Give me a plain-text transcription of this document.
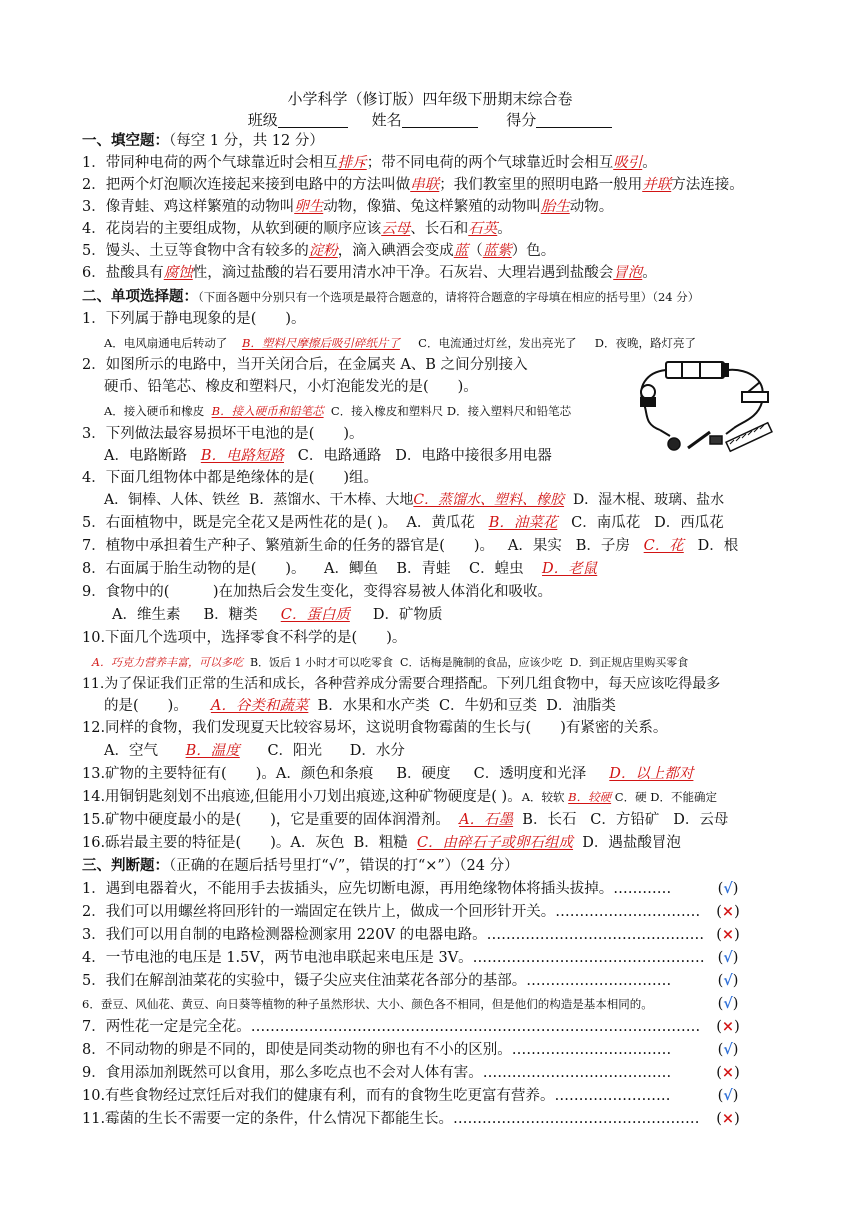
小学科学（修订版）四年级下册期末综合卷
班级	姓名	得分
一、填空题：（每空 1 分，共 12 分）
1．带同种电荷的两个气球靠近时会相互排斥；带不同电荷的两个气球靠近时会相互吸引。
2．把两个灯泡顺次连接起来接到电路中的方法叫做串联；我们教室里的照明电路一般用并联方法连接。
3．像青蛙、鸡这样繁殖的动物叫卵生动物，像猫、兔这样繁殖的动物叫胎生动物。
4．花岗岩的主要组成物，从软到硬的顺序应该云母、长石和石英。
5．馒头、土豆等食物中含有较多的淀粉，滴入碘酒会变成蓝（蓝紫）色。
6．盐酸具有腐蚀性，滴过盐酸的岩石要用清水冲干净。石灰岩、大理岩遇到盐酸会冒泡。
二、单项选择题：（下面各题中分别只有一个选项是最符合题意的，请将符合题意的字母填在相应的括号里）（24 分）
1．下列属于静电现象的是(　　)。
A．电风扇通电后转动了 B．塑料尺摩擦后吸引碎纸片了 C．电流通过灯丝，发出亮光了 D．夜晚，路灯亮了
2．如图所示的电路中，当开关闭合后，在金属夹 A、B 之间分别接入
硬币、铅笔芯、橡皮和塑料尺，小灯泡能发光的是(　　)。
A．接入硬币和橡皮 B．接入硬币和铅笔芯 C．接入橡皮和塑料尺 D．接入塑料尺和铅笔芯
3．下列做法最容易损坏干电池的是(　　)。
A．电路断路 B．电路短路 C．电路通路 D．电路中接很多用电器
4．下面几组物体中都是绝缘体的是(　　)组。
A．铜棒、人体、铁丝 B．蒸馏水、干木棒、大地C．蒸馏水、塑料、橡胶 D．湿木棍、玻璃、盐水
5．右面植物中，既是完全花又是两性花的是( )。 A．黄瓜花 B．油菜花 C．南瓜花 D．西瓜花
7．植物中承担着生产种子、繁殖新生命的任务的器官是(　　)。 A．果实 B．子房 C．花 D．根
8．右面属于胎生动物的是(　　)。 A．鲫鱼 B．青蛙 C．蝗虫 D．老鼠
9．食物中的(　　　)在加热后会发生变化，变得容易被人体消化和吸收。
A．维生素 B．糖类 C．蛋白质 D．矿物质
10.下面几个选项中，选择零食不科学的是(　　)。
A．巧克力营养丰富，可以多吃 B．饭后 1 小时才可以吃零食 C．话梅是腌制的食品，应该少吃 D．到正规店里购买零食
11.为了保证我们正常的生活和成长，各种营养成分需要合理搭配。下列几组食物中，每天应该吃得最多
的是(　　)。 A．谷类和蔬菜 B．水果和水产类 C．牛奶和豆类 D．油脂类
12.同样的食物，我们发现夏天比较容易坏，这说明食物霉菌的生长与(　　)有紧密的关系。
A．空气 B．温度 C．阳光 D．水分
13.矿物的主要特征有(　　)。A．颜色和条痕 B．硬度 C．透明度和光泽 D．以上都对
14.用铜钥匙刻划不出痕迹,但能用小刀划出痕迹,这种矿物硬度是( )。A．较软 B．较硬 C．硬 D．不能确定
15.矿物中硬度最小的是(　　)，它是重要的固体润滑剂。 A．石墨 B．长石 C．方铅矿 D．云母
16.砾岩最主要的特征是(　　)。A．灰色 B．粗糙 C．由碎石子或卵石组成 D．遇盐酸冒泡
三、判断题：（正确的在题后括号里打“√”，错误的打“×”）（24 分）
1．遇到电器着火，不能用手去拔插头，应先切断电源，再用绝缘物体将插头拔掉。…………	(√)
2．我们可以用螺丝将回形针的一端固定在铁片上，做成一个回形针开关。…………………………	(×)
3．我们可以用自制的电路检测器检测家用 220V 的电器电路。……………………………………… (×)
4．一节电池的电压是 1.5V，两节电池串联起来电压是 3V。………………………………………… (√)
5．我们在解剖油菜花的实验中，镊子尖应夹住油菜花各部分的基部。…………………………	(√)
6．蚕豆、风仙花、黄豆、向日葵等植物的种子虽然形状、大小、颜色各不相同，但是他们的构造是基本相同的。	(√)
7．两性花一定是完全花。…………………………………………………………………………………	(×)
8．不同动物的卵是不同的，即使是同类动物的卵也有不小的区别。……………………………	(√)
9．食用添加剂既然可以食用，那么多吃点也不会对人体有害。…………………………………	(×)
10.有些食物经过烹饪后对我们的健康有利，而有的食物生吃更富有营养。……………………	(√)
11.霉菌的生长不需要一定的条件，什么情况下都能生长。……………………………………………	(×)
